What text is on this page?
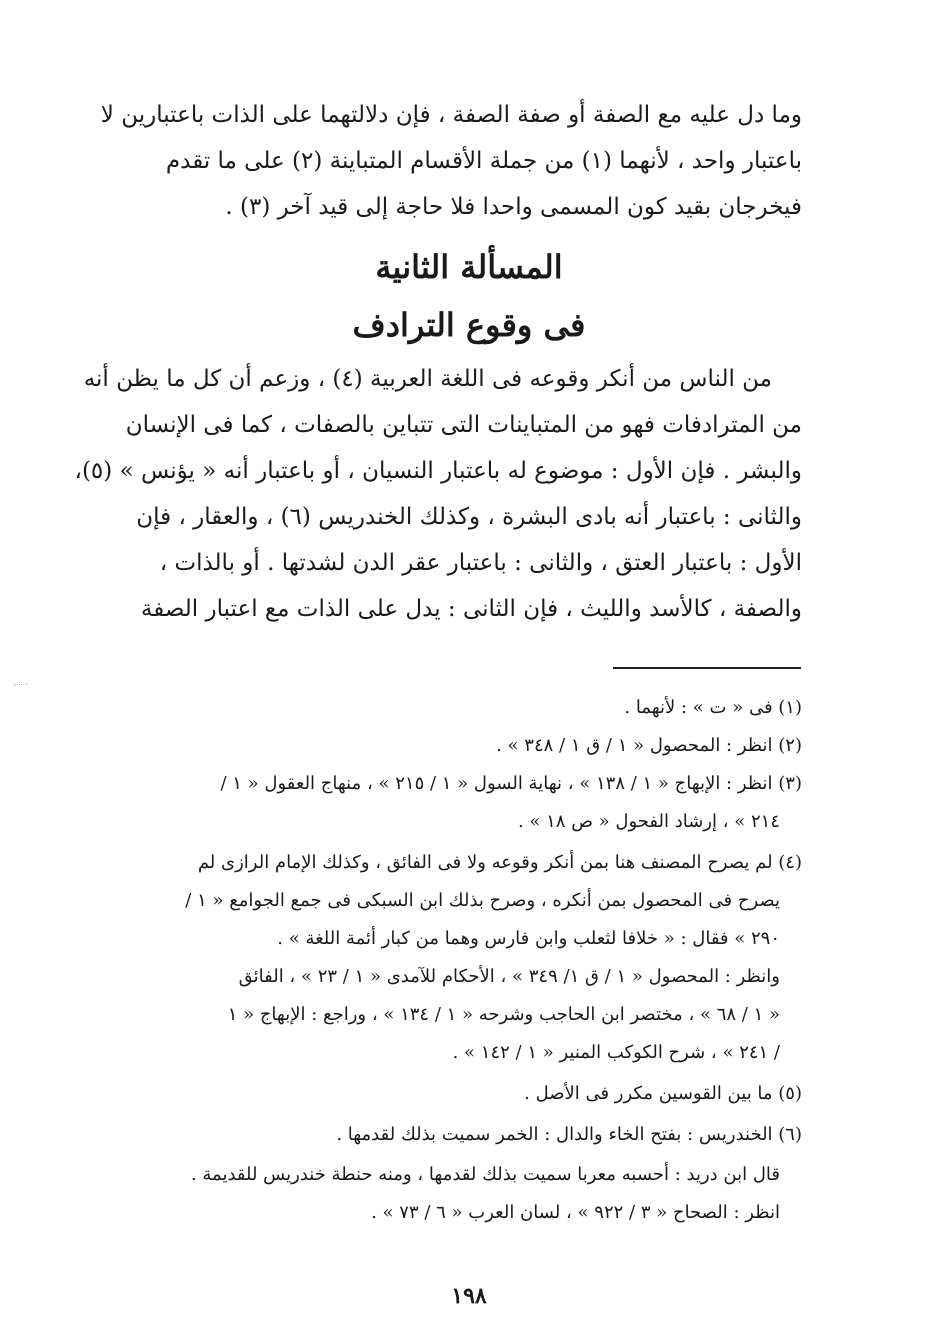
وما دل عليه مع الصفة أو صفة الصفة ، فإن دلالتهما على الذات باعتبارين لا
باعتبار واحد ، لأنهما (١) من جملة الأقسام المتباينة (٢) على ما تقدم
فيخرجان بقيد كون المسمى واحدا فلا حاجة إلى قيد آخر (٣) .
المسألة الثانية
فى وقوع الترادف
من الناس من أنكر وقوعه فى اللغة العربية (٤) ، وزعم أن كل ما يظن أنه
من المترادفات فهو من المتباينات التى تتباين بالصفات ، كما فى الإنسان
والبشر . فإن الأول : موضوع له باعتبار النسيان ، أو باعتبار أنه « يؤنس » (٥)،
والثانى : باعتبار أنه بادى البشرة ، وكذلك الخندريس (٦) ، والعقار ، فإن
الأول : باعتبار العتق ، والثانى : باعتبار عقر الدن لشدتها . أو بالذات ،
والصفة ، كالأسد والليث ، فإن الثانى : يدل على الذات مع اعتبار الصفة
(١) فى « ت » : لأنهما .
(٢) انظر : المحصول « ١ / ق ١ / ٣٤٨ » .
(٣) انظر : الإبهاج « ١ / ١٣٨ » ، نهاية السول « ١ / ٢١٥ » ، منهاج العقول « ١ /
٢١٤ » ، إرشاد الفحول « ص ١٨ » .
(٤) لم يصرح المصنف هنا بمن أنكر وقوعه ولا فى الفائق ، وكذلك الإمام الرازى لم
يصرح فى المحصول بمن أنكره ، وصرح بذلك ابن السبكى فى جمع الجوامع « ١ /
٢٩٠ » فقال : « خلافا لثعلب وابن فارس وهما من كبار أئمة اللغة » .
وانظر : المحصول « ١ / ق ١/ ٣٤٩ » ، الأحكام للآمدى « ١ / ٢٣ » ، الفائق
« ١ / ٦٨ » ، مختصر ابن الحاجب وشرحه « ١ / ١٣٤ » ، وراجع : الإبهاج « ١
/ ٢٤١ » ، شرح الكوكب المنير « ١ / ١٤٢ » .
(٥) ما بين القوسين مكرر فى الأصل .
(٦) الخندريس : بفتح الخاء والدال : الخمر سميت بذلك لقدمها .
قال ابن دريد : أحسبه معربا سميت بذلك لقدمها ، ومنه حنطة خندريس للقديمة .
انظر : الصحاح « ٣ / ٩٢٢ » ، لسان العرب « ٦ / ٧٣ » .
١٩٨
